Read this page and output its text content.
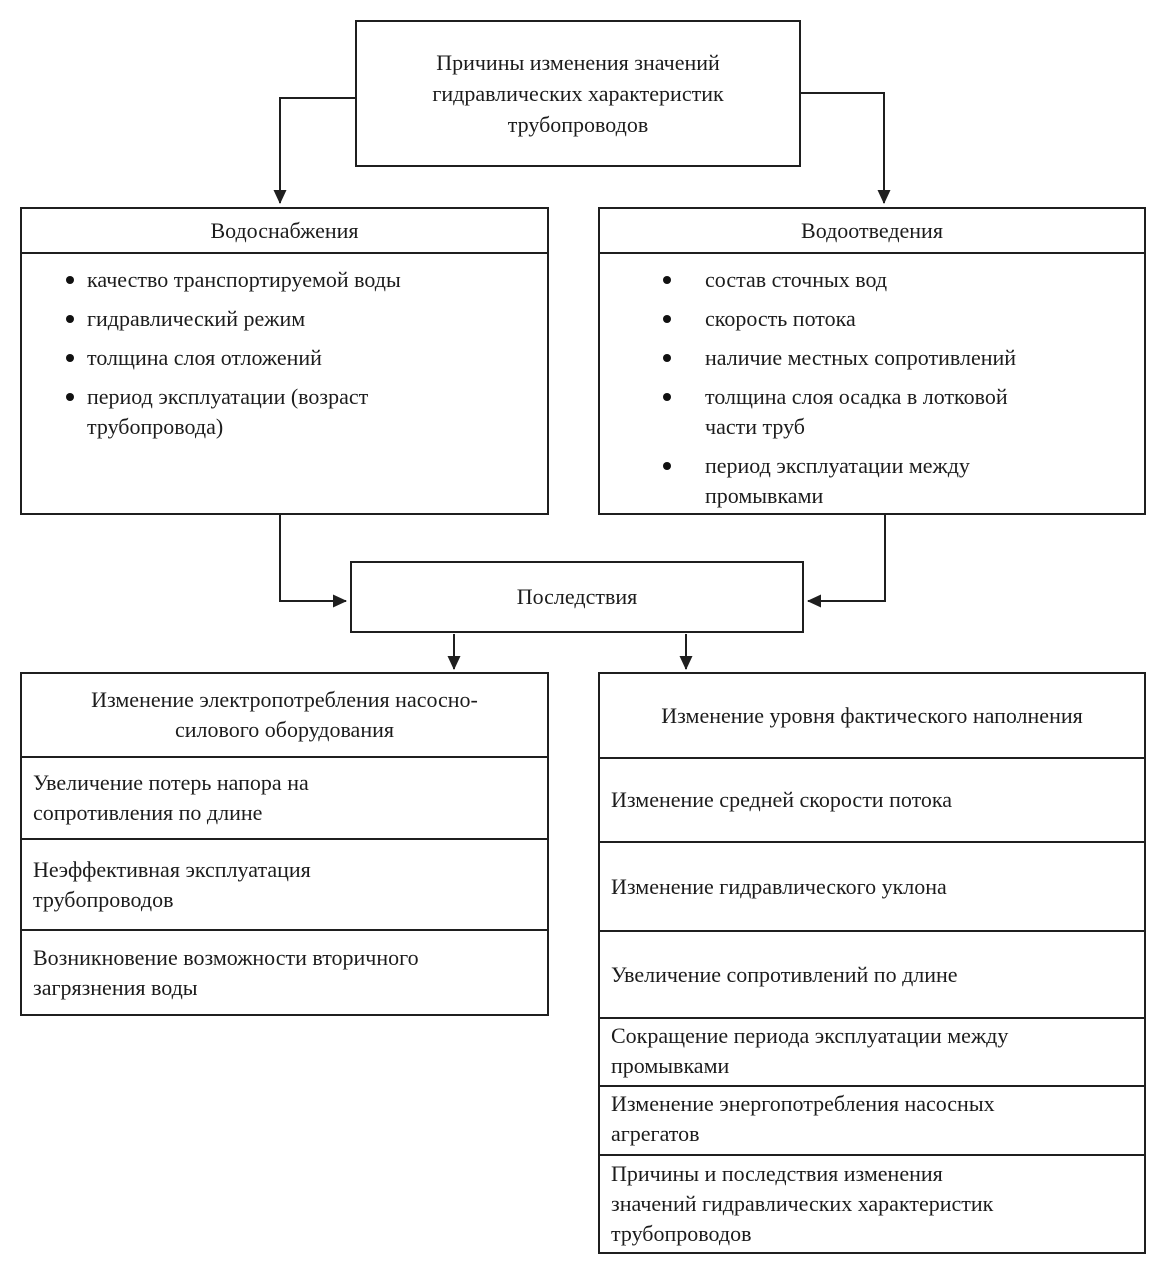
Причины изменения значений гидравлических характеристик трубопроводов
Водоснабжения
качество транспортируемой воды
гидравлический режим
толщина слоя отложений
период эксплуатации (возраст трубопровода)
Водоотведения
состав сточных вод
скорость потока
наличие местных сопротивлений
толщина слоя осадка в лотковой части труб
период эксплуатации между промывками
Последствия
Изменение электропотребления насосно-силового оборудования
Увеличение потерь напора на сопротивления по длине
Неэффективная эксплуатация трубопроводов
Возникновение возможности вторичного загрязнения воды
Изменение уровня фактического наполнения
Изменение средней скорости потока
Изменение гидравлического уклона
Увеличение сопротивлений по длине
Сокращение периода эксплуатации между промывками
Изменение энергопотребления насосных агрегатов
Причины и последствия изменения значений гидравлических характеристик трубопроводов
